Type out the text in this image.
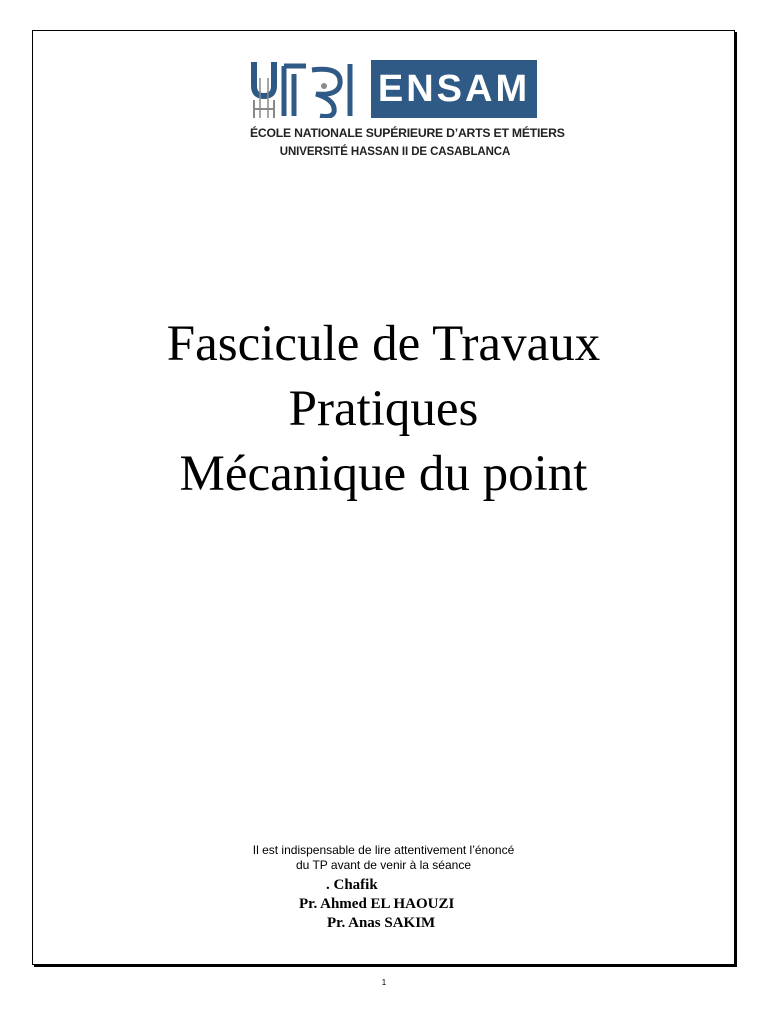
ENSAM
ÉCOLE NATIONALE SUPÉRIEURE D’ARTS ET MÉTIERS
UNIVERSITÉ HASSAN II DE CASABLANCA
Fascicule de Travaux
Pratiques
Mécanique du point
Il est indispensable de lire attentivement l’énoncé
du TP avant de venir à la séance
. Chafik
Pr. Ahmed EL HAOUZI
Pr. Anas SAKIM
1
